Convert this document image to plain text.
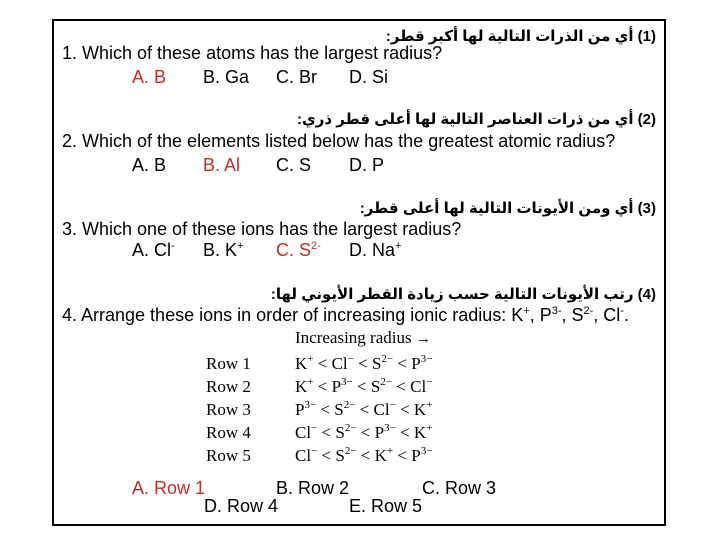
(1) أي من الذرات التالية لها أكبر قطر:
1. Which of these atoms has the largest radius?
A. B B. Ga C. Br D. Si
(2) أي من ذرات العناصر التالية لها أعلى قطر ذري:
2. Which of the elements listed below has the greatest atomic radius?
A. B B. Al C. S D. P
(3) أي ومن الأيونات التالية لها أعلى قطر:
3. Which one of these ions has the largest radius?
A. Cl- B. K+ C. $S^{2-}$ D. Na+
(4) رتب الأيونات التالية حسب زيادة القطر الأيوني لها:
4. Arrange these ions in order of increasing ionic radius: K+, $P^{3-}$, $S^{2-}$, Cl-.
Increasing radius →
Row 1	$K^+ < Cl^- < S^{2-} < P^{3-}$
Row 2	$K^+ < P^{3-} < S^{2-} < Cl^-$
Row 3	$P^{3-} < S^{2-} < Cl^- < K^+$
Row 4	$Cl^- < S^{2-} < P^{3-} < K^+$
Row 5	$Cl^- < S^{2-} < K^+ < P^{3-}$
A. Row 1	B. Row 2	C. Row 3
D. Row 4	E. Row 5
